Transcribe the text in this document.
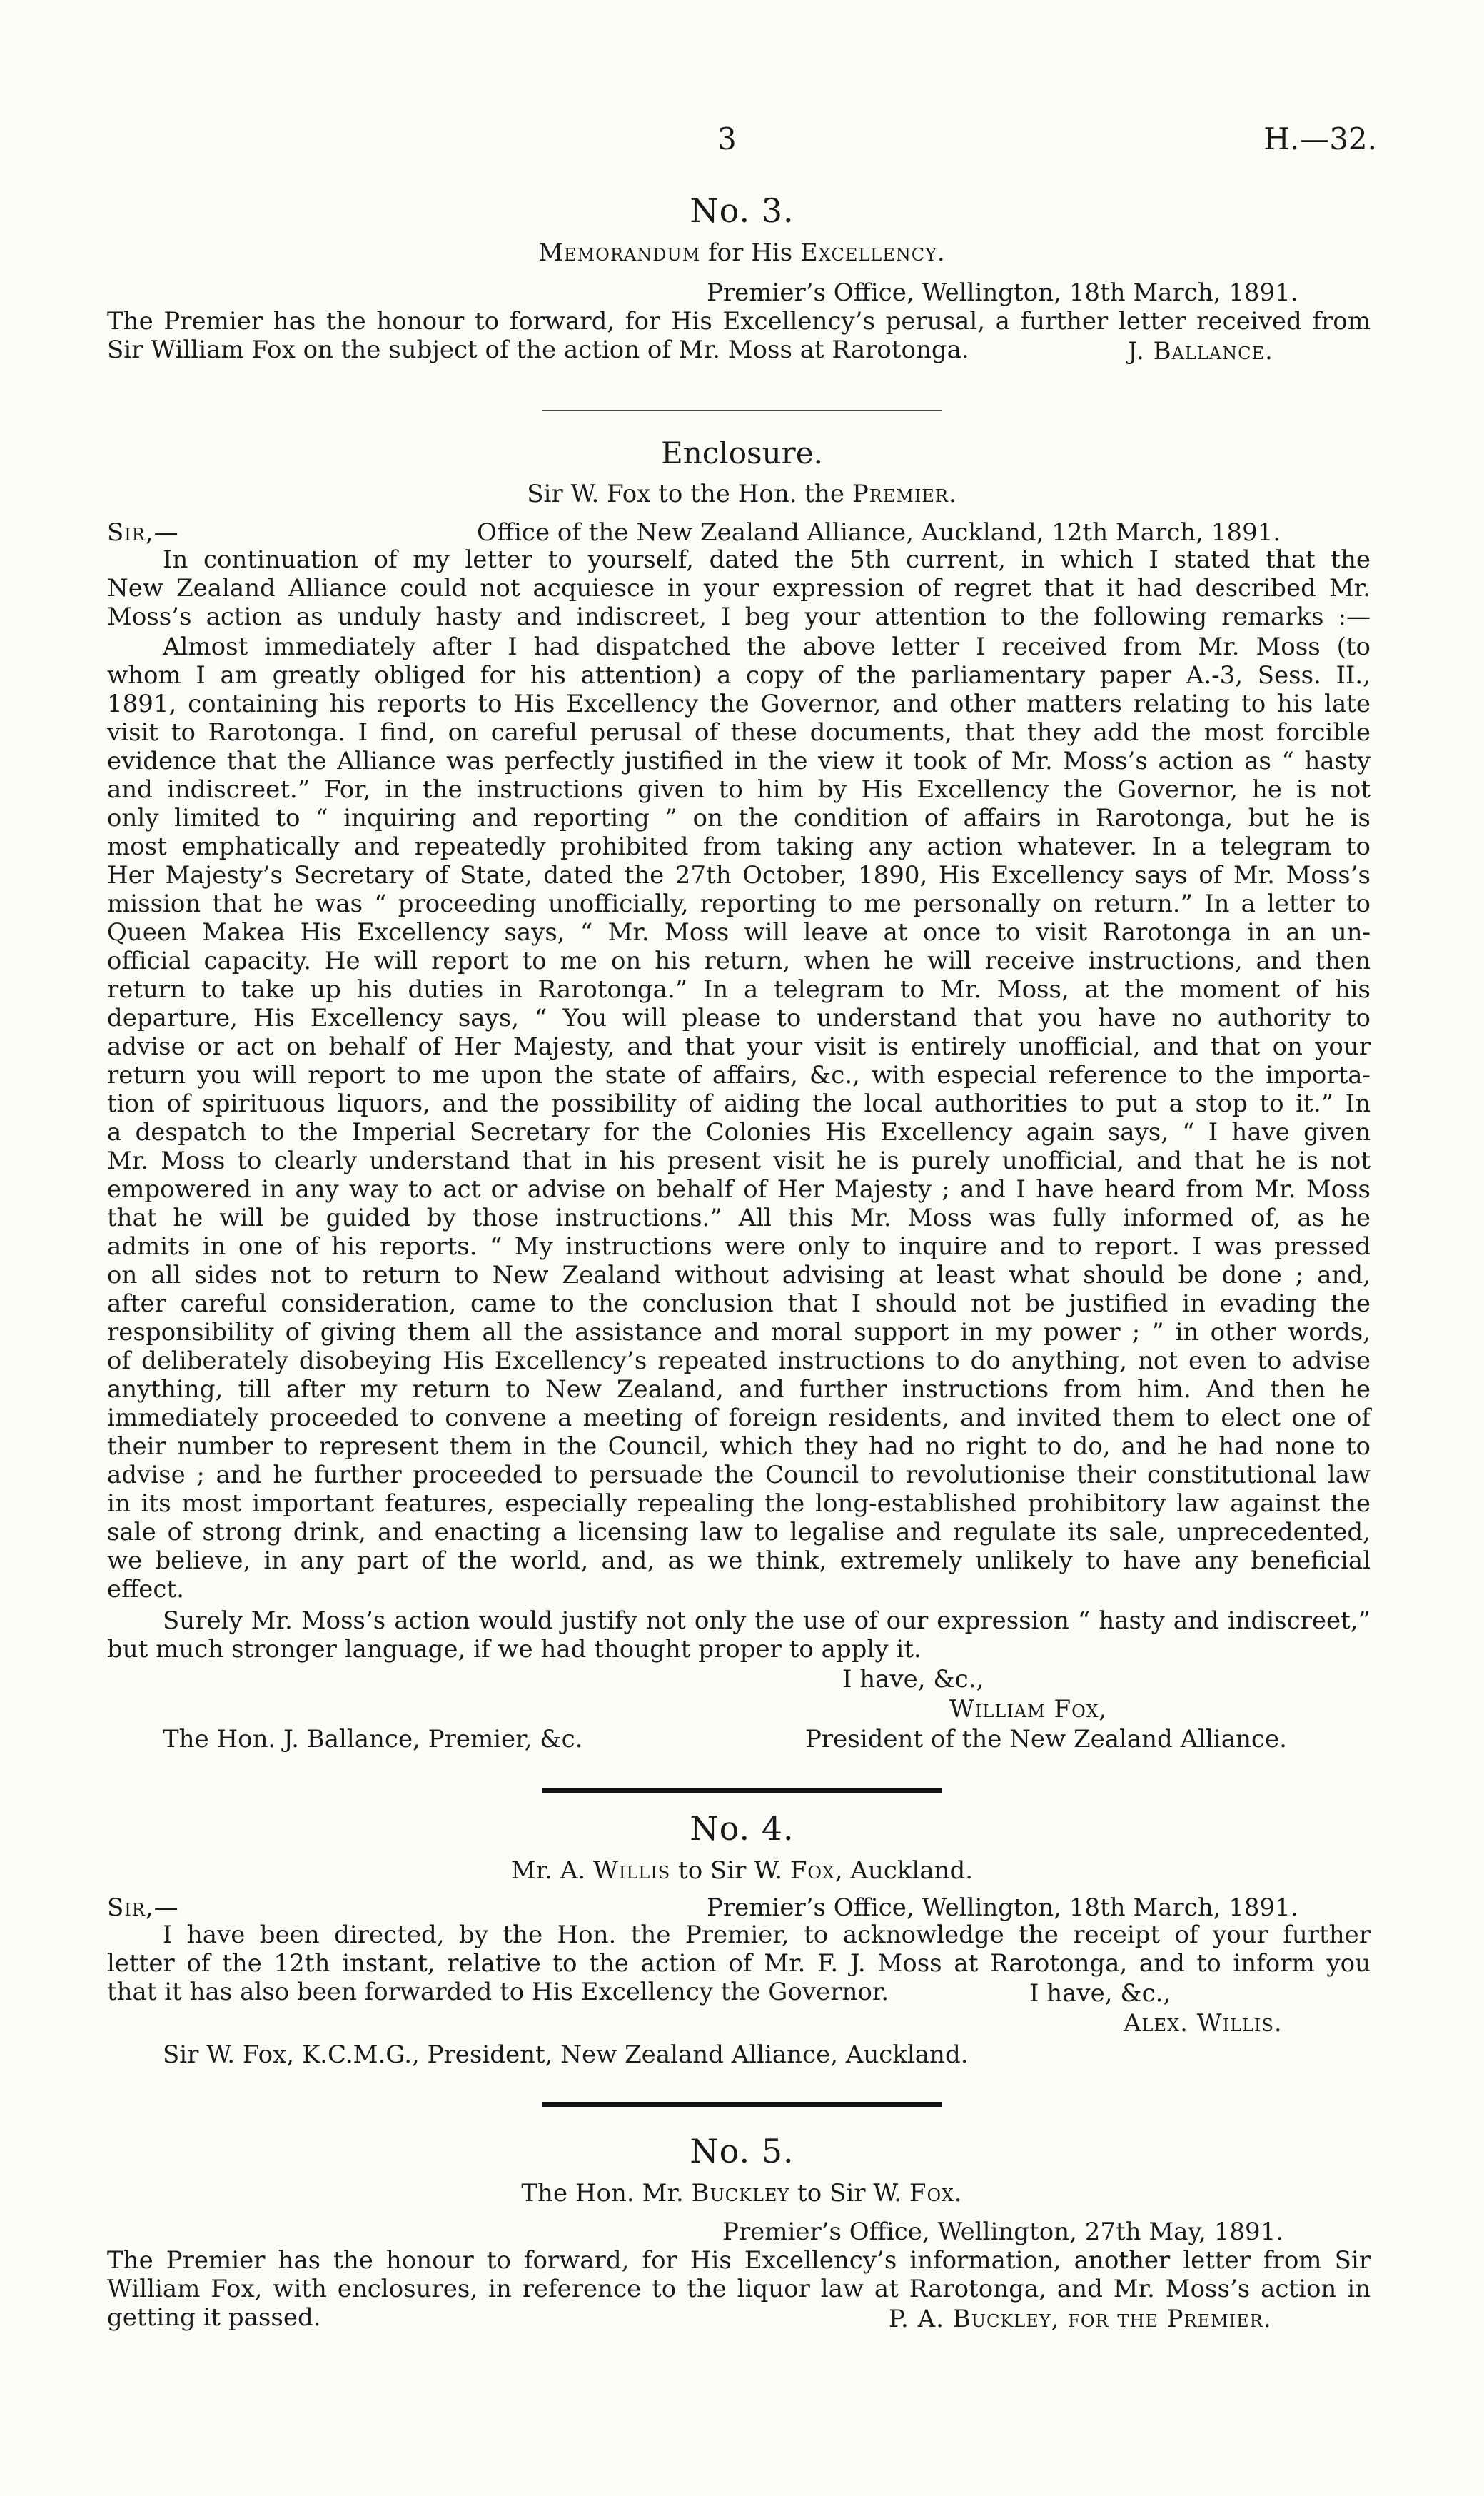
3	H.—32.
No. 3.
Memorandum for His Excellency.
Premier’s Office, Wellington, 18th March, 1891.
The Premier has the honour to forward, for His Excellency’s perusal, a further letter received from
Sir William Fox on the subject of the action of Mr. Moss at Rarotonga.	J. Ballance.
Enclosure.
Sir W. Fox to the Hon. the Premier.
Sir,—	Office of the New Zealand Alliance, Auckland, 12th March, 1891.
In continuation of my letter to yourself, dated the 5th current, in which I stated that the
New Zealand Alliance could not acquiesce in your expression of regret that it had described Mr.
Moss’s action as unduly hasty and indiscreet, I beg your attention to the following remarks :—
Almost immediately after I had dispatched the above letter I received from Mr. Moss (to
whom I am greatly obliged for his attention) a copy of the parliamentary paper A.-3, Sess. II.,
1891, containing his reports to His Excellency the Governor, and other matters relating to his late
visit to Rarotonga. I find, on careful perusal of these documents, that they add the most forcible
evidence that the Alliance was perfectly justified in the view it took of Mr. Moss’s action as “ hasty
and indiscreet.” For, in the instructions given to him by His Excellency the Governor, he is not
only limited to “ inquiring and reporting ” on the condition of affairs in Rarotonga, but he is
most emphatically and repeatedly prohibited from taking any action whatever. In a telegram to
Her Majesty’s Secretary of State, dated the 27th October, 1890, His Excellency says of Mr. Moss’s
mission that he was “ proceeding unofficially, reporting to me personally on return.” In a letter to
Queen Makea His Excellency says, “ Mr. Moss will leave at once to visit Rarotonga in an un-
official capacity. He will report to me on his return, when he will receive instructions, and then
return to take up his duties in Rarotonga.” In a telegram to Mr. Moss, at the moment of his
departure, His Excellency says, “ You will please to understand that you have no authority to
advise or act on behalf of Her Majesty, and that your visit is entirely unofficial, and that on your
return you will report to me upon the state of affairs, &c., with especial reference to the importa-
tion of spirituous liquors, and the possibility of aiding the local authorities to put a stop to it.” In
a despatch to the Imperial Secretary for the Colonies His Excellency again says, “ I have given
Mr. Moss to clearly understand that in his present visit he is purely unofficial, and that he is not
empowered in any way to act or advise on behalf of Her Majesty ; and I have heard from Mr. Moss
that he will be guided by those instructions.” All this Mr. Moss was fully informed of, as he
admits in one of his reports. “ My instructions were only to inquire and to report. I was pressed
on all sides not to return to New Zealand without advising at least what should be done ; and,
after careful consideration, came to the conclusion that I should not be justified in evading the
responsibility of giving them all the assistance and moral support in my power ; ” in other words,
of deliberately disobeying His Excellency’s repeated instructions to do anything, not even to advise
anything, till after my return to New Zealand, and further instructions from him. And then he
immediately proceeded to convene a meeting of foreign residents, and invited them to elect one of
their number to represent them in the Council, which they had no right to do, and he had none to
advise ; and he further proceeded to persuade the Council to revolutionise their constitutional law
in its most important features, especially repealing the long-established prohibitory law against the
sale of strong drink, and enacting a licensing law to legalise and regulate its sale, unprecedented,
we believe, in any part of the world, and, as we think, extremely unlikely to have any beneficial
effect.
Surely Mr. Moss’s action would justify not only the use of our expression “ hasty and indiscreet,”
but much stronger language, if we had thought proper to apply it.
I have, &c.,
William Fox,
The Hon. J. Ballance, Premier, &c.	President of the New Zealand Alliance.
No. 4.
Mr. A. Willis to Sir W. Fox, Auckland.
Sir,—	Premier’s Office, Wellington, 18th March, 1891.
I have been directed, by the Hon. the Premier, to acknowledge the receipt of your further
letter of the 12th instant, relative to the action of Mr. F. J. Moss at Rarotonga, and to inform you
that it has also been forwarded to His Excellency the Governor.	I have, &c.,
Alex. Willis.
Sir W. Fox, K.C.M.G., President, New Zealand Alliance, Auckland.
No. 5.
The Hon. Mr. Buckley to Sir W. Fox.
Premier’s Office, Wellington, 27th May, 1891.
The Premier has the honour to forward, for His Excellency’s information, another letter from Sir
William Fox, with enclosures, in reference to the liquor law at Rarotonga, and Mr. Moss’s action in
getting it passed.	P. A. Buckley, for the Premier.
